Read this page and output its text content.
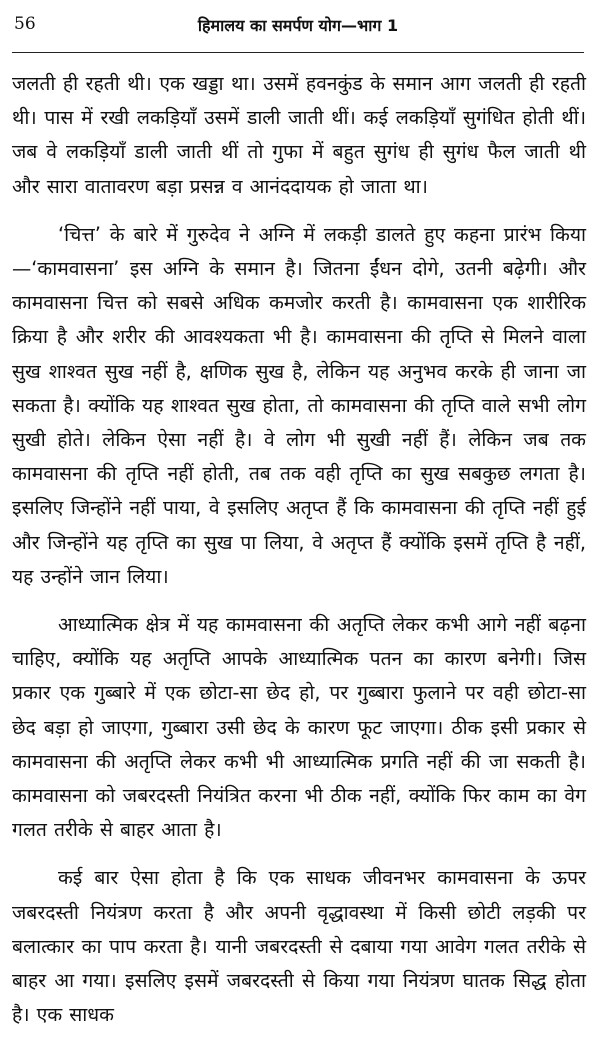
56	हिमालय का समर्पण योग—भाग 1

जलती ही रहती थी। एक खड्डा था। उसमें हवनकुंड के समान आग जलती ही रहती थी। पास में रखी लकड़ियाँ उसमें डाली जाती थीं। कई लकड़ियाँ सुगंधित होती थीं। जब वे लकड़ियाँ डाली जाती थीं तो गुफा में बहुत सुगंध ही सुगंध फैल जाती थी और सारा वातावरण बड़ा प्रसन्न व आनंददायक हो जाता था।

‘चित्त’ के बारे में गुरुदेव ने अग्नि में लकड़ी डालते हुए कहना प्रारंभ किया—‘कामवासना’ इस अग्नि के समान है। जितना ईंधन दोगे, उतनी बढ़ेगी। और कामवासना चित्त को सबसे अधिक कमजोर करती है। कामवासना एक शारीरिक क्रिया है और शरीर की आवश्यकता भी है। कामवासना की तृप्ति से मिलने वाला सुख शाश्वत सुख नहीं है, क्षणिक सुख है, लेकिन यह अनुभव करके ही जाना जा सकता है। क्योंकि यह शाश्वत सुख होता, तो कामवासना की तृप्ति वाले सभी लोग सुखी होते। लेकिन ऐसा नहीं है। वे लोग भी सुखी नहीं हैं। लेकिन जब तक कामवासना की तृप्ति नहीं होती, तब तक वही तृप्ति का सुख सबकुछ लगता है। इसलिए जिन्होंने नहीं पाया, वे इसलिए अतृप्त हैं कि कामवासना की तृप्ति नहीं हुई और जिन्होंने यह तृप्ति का सुख पा लिया, वे अतृप्त हैं क्योंकि इसमें तृप्ति है नहीं, यह उन्होंने जान लिया।

आध्यात्मिक क्षेत्र में यह कामवासना की अतृप्ति लेकर कभी आगे नहीं बढ़ना चाहिए, क्योंकि यह अतृप्ति आपके आध्यात्मिक पतन का कारण बनेगी। जिस प्रकार एक गुब्बारे में एक छोटा-सा छेद हो, पर गुब्बारा फुलाने पर वही छोटा-सा छेद बड़ा हो जाएगा, गुब्बारा उसी छेद के कारण फूट जाएगा। ठीक इसी प्रकार से कामवासना की अतृप्ति लेकर कभी भी आध्यात्मिक प्रगति नहीं की जा सकती है। कामवासना को जबरदस्ती नियंत्रित करना भी ठीक नहीं, क्योंकि फिर काम का वेग गलत तरीके से बाहर आता है।

कई बार ऐसा होता है कि एक साधक जीवनभर कामवासना के ऊपर जबरदस्ती नियंत्रण करता है और अपनी वृद्धावस्था में किसी छोटी लड़की पर बलात्कार का पाप करता है। यानी जबरदस्ती से दबाया गया आवेग गलत तरीके से बाहर आ गया। इसलिए इसमें जबरदस्ती से किया गया नियंत्रण घातक सिद्ध होता है। एक साधक
